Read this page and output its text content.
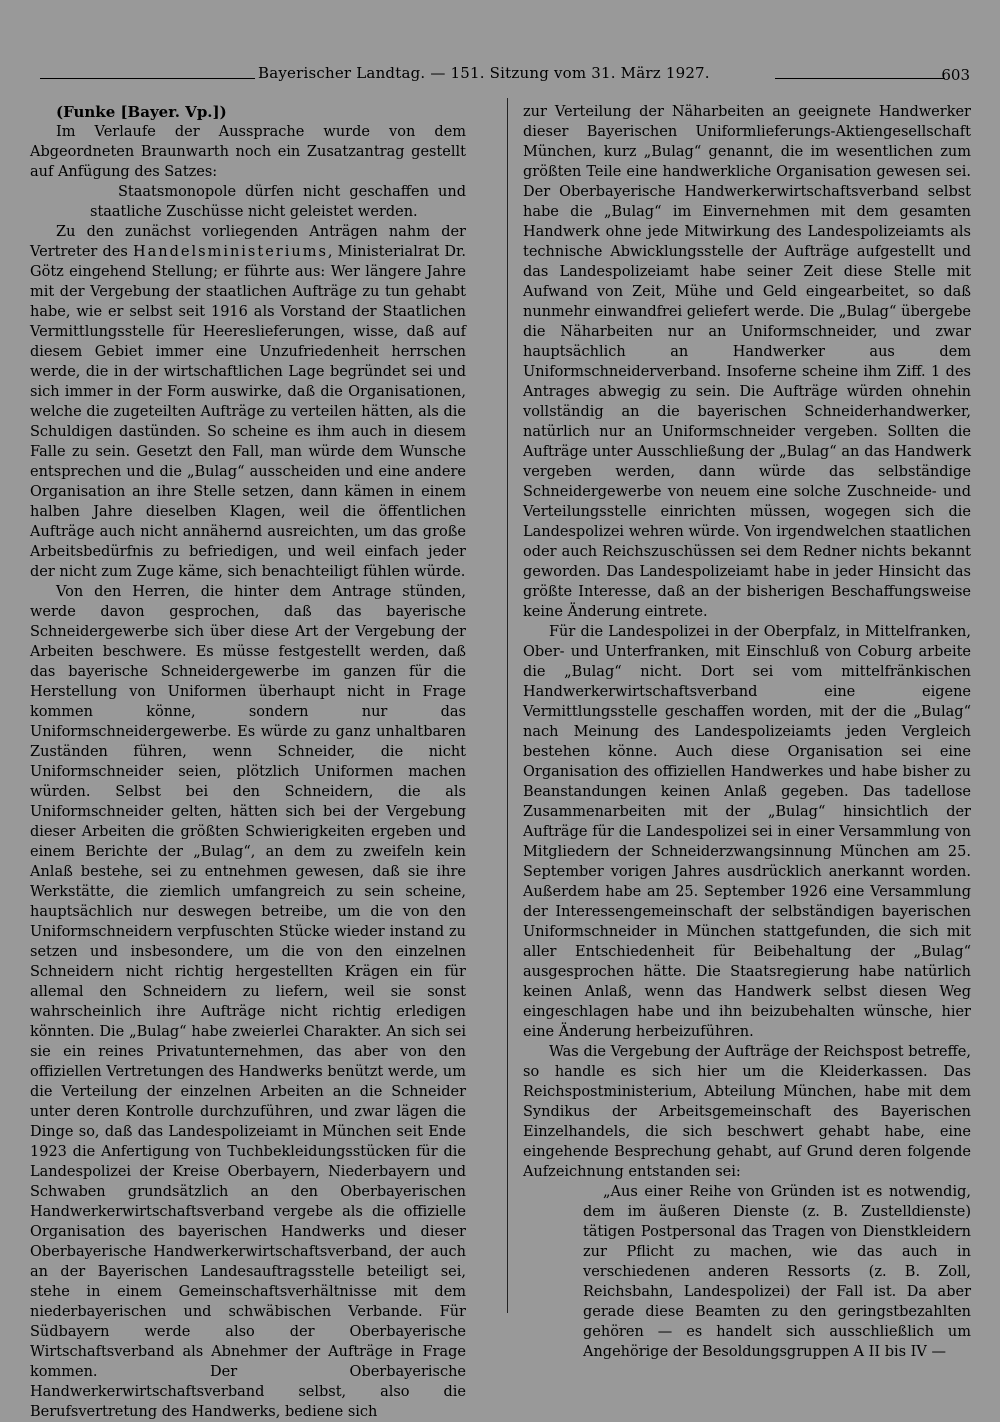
Bayerischer Landtag. — 151. Sitzung vom 31. März 1927.	603

(Funke [Bayer. Vp.])

Im Verlaufe der Aussprache wurde von dem Abgeordneten Braunwarth noch ein Zusatzantrag gestellt auf Anfügung des Satzes:

Staatsmonopole dürfen nicht geschaffen und staatliche Zuschüsse nicht geleistet werden.

Zu den zunächst vorliegenden Anträgen nahm der Vertreter des Handelsministeriums, Ministerialrat Dr. Götz eingehend Stellung; er führte aus: Wer längere Jahre mit der Vergebung der staatlichen Aufträge zu tun gehabt habe, wie er selbst seit 1916 als Vorstand der Staatlichen Vermittlungsstelle für Heereslieferungen, wisse, daß auf diesem Gebiet immer eine Unzufriedenheit herrschen werde, die in der wirtschaftlichen Lage begründet sei und sich immer in der Form auswirke, daß die Organisationen, welche die zugeteilten Aufträge zu verteilen hätten, als die Schuldigen dastünden. So scheine es ihm auch in diesem Falle zu sein. Gesetzt den Fall, man würde dem Wunsche entsprechen und die „Bulag“ ausscheiden und eine andere Organisation an ihre Stelle setzen, dann kämen in einem halben Jahre dieselben Klagen, weil die öffentlichen Aufträge auch nicht annähernd ausreichten, um das große Arbeitsbedürfnis zu befriedigen, und weil einfach jeder der nicht zum Zuge käme, sich benachteiligt fühlen würde.

Von den Herren, die hinter dem Antrage stünden, werde davon gesprochen, daß das bayerische Schneidergewerbe sich über diese Art der Vergebung der Arbeiten beschwere. Es müsse festgestellt werden, daß das bayerische Schneidergewerbe im ganzen für die Herstellung von Uniformen überhaupt nicht in Frage kommen könne, sondern nur das Uniformschneidergewerbe. Es würde zu ganz unhaltbaren Zuständen führen, wenn Schneider, die nicht Uniformschneider seien, plötzlich Uniformen machen würden. Selbst bei den Schneidern, die als Uniformschneider gelten, hätten sich bei der Vergebung dieser Arbeiten die größten Schwierigkeiten ergeben und einem Berichte der „Bulag“, an dem zu zweifeln kein Anlaß bestehe, sei zu entnehmen gewesen, daß sie ihre Werkstätte, die ziemlich umfangreich zu sein scheine, hauptsächlich nur deswegen betreibe, um die von den Uniformschneidern verpfuschten Stücke wieder instand zu setzen und insbesondere, um die von den einzelnen Schneidern nicht richtig hergestellten Krägen ein für allemal den Schneidern zu liefern, weil sie sonst wahrscheinlich ihre Aufträge nicht richtig erledigen könnten. Die „Bulag“ habe zweierlei Charakter. An sich sei sie ein reines Privatunternehmen, das aber von den offiziellen Vertretungen des Handwerks benützt werde, um die Verteilung der einzelnen Arbeiten an die Schneider unter deren Kontrolle durchzuführen, und zwar lägen die Dinge so, daß das Landespolizeiamt in München seit Ende 1923 die Anfertigung von Tuchbekleidungsstücken für die Landespolizei der Kreise Oberbayern, Niederbayern und Schwaben grundsätzlich an den Oberbayerischen Handwerkerwirtschaftsverband vergebe als die offizielle Organisation des bayerischen Handwerks und dieser Oberbayerische Handwerkerwirtschaftsverband, der auch an der Bayerischen Landesauftragsstelle beteiligt sei, stehe in einem Gemeinschaftsverhältnisse mit dem niederbayerischen und schwäbischen Verbande. Für Südbayern werde also der Oberbayerische Wirtschaftsverband als Abnehmer der Aufträge in Frage kommen. Der Oberbayerische Handwerkerwirtschaftsverband selbst, also die Berufsvertretung des Handwerks, bediene sich

zur Verteilung der Näharbeiten an geeignete Handwerker dieser Bayerischen Uniformlieferungs-Aktiengesellschaft München, kurz „Bulag“ genannt, die im wesentlichen zum größten Teile eine handwerkliche Organisation gewesen sei. Der Oberbayerische Handwerkerwirtschaftsverband selbst habe die „Bulag“ im Einvernehmen mit dem gesamten Handwerk ohne jede Mitwirkung des Landespolizeiamts als technische Abwicklungsstelle der Aufträge aufgestellt und das Landespolizeiamt habe seiner Zeit diese Stelle mit Aufwand von Zeit, Mühe und Geld eingearbeitet, so daß nunmehr einwandfrei geliefert werde. Die „Bulag“ übergebe die Näharbeiten nur an Uniformschneider, und zwar hauptsächlich an Handwerker aus dem Uniformschneiderverband. Insoferne scheine ihm Ziff. 1 des Antrages abwegig zu sein. Die Aufträge würden ohnehin vollständig an die bayerischen Schneiderhandwerker, natürlich nur an Uniformschneider vergeben. Sollten die Aufträge unter Ausschließung der „Bulag“ an das Handwerk vergeben werden, dann würde das selbständige Schneidergewerbe von neuem eine solche Zuschneide- und Verteilungsstelle einrichten müssen, wogegen sich die Landespolizei wehren würde. Von irgendwelchen staatlichen oder auch Reichszuschüssen sei dem Redner nichts bekannt geworden. Das Landespolizeiamt habe in jeder Hinsicht das größte Interesse, daß an der bisherigen Beschaffungsweise keine Änderung eintrete.

Für die Landespolizei in der Oberpfalz, in Mittelfranken, Ober- und Unterfranken, mit Einschluß von Coburg arbeite die „Bulag“ nicht. Dort sei vom mittelfränkischen Handwerkerwirtschaftsverband eine eigene Vermittlungsstelle geschaffen worden, mit der die „Bulag“ nach Meinung des Landespolizeiamts jeden Vergleich bestehen könne. Auch diese Organisation sei eine Organisation des offiziellen Handwerkes und habe bisher zu Beanstandungen keinen Anlaß gegeben. Das tadellose Zusammenarbeiten mit der „Bulag“ hinsichtlich der Aufträge für die Landespolizei sei in einer Versammlung von Mitgliedern der Schneiderzwangsinnung München am 25. September vorigen Jahres ausdrücklich anerkannt worden. Außerdem habe am 25. September 1926 eine Versammlung der Interessengemeinschaft der selbständigen bayerischen Uniformschneider in München stattgefunden, die sich mit aller Entschiedenheit für Beibehaltung der „Bulag“ ausgesprochen hätte. Die Staatsregierung habe natürlich keinen Anlaß, wenn das Handwerk selbst diesen Weg eingeschlagen habe und ihn beizubehalten wünsche, hier eine Änderung herbeizuführen.

Was die Vergebung der Aufträge der Reichspost betreffe, so handle es sich hier um die Kleiderkassen. Das Reichspostministerium, Abteilung München, habe mit dem Syndikus der Arbeitsgemeinschaft des Bayerischen Einzelhandels, die sich beschwert gehabt habe, eine eingehende Besprechung gehabt, auf Grund deren folgende Aufzeichnung entstanden sei:

„Aus einer Reihe von Gründen ist es notwendig, dem im äußeren Dienste (z. B. Zustelldienste) tätigen Postpersonal das Tragen von Dienstkleidern zur Pflicht zu machen, wie das auch in verschiedenen anderen Ressorts (z. B. Zoll, Reichsbahn, Landespolizei) der Fall ist. Da aber gerade diese Beamten zu den geringstbezahlten gehören — es handelt sich ausschließlich um Angehörige der Besoldungsgruppen A II bis IV —
